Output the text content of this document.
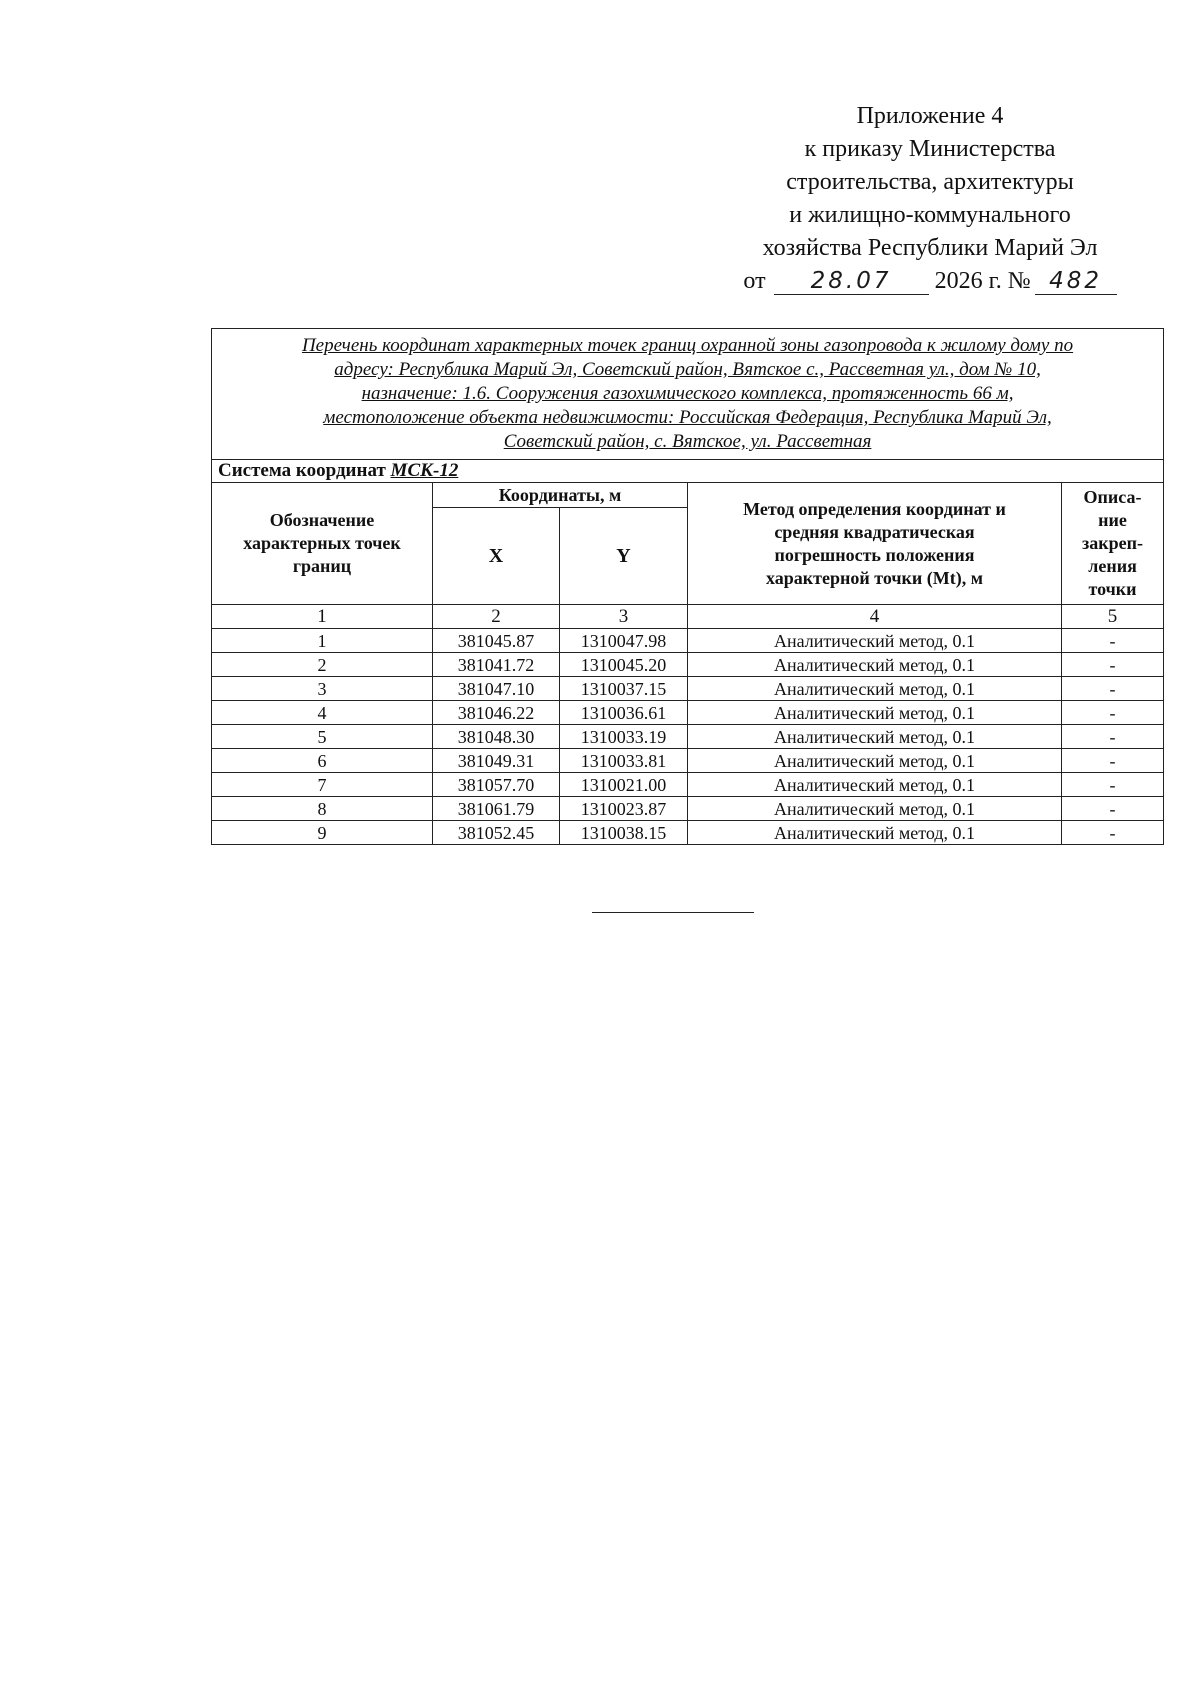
Приложение 4
к приказу Министерства
строительства, архитектуры
и жилищно-коммунального
хозяйства Республики Марий Эл
от 28.07 2026 г. № 482
Перечень координат характерных точек границ охранной зоны газопровода к жилому дому по
адресу: Республика Марий Эл, Советский район, Вятское с., Рассветная ул., дом № 10,
назначение: 1.6. Сооружения газохимического комплекса, протяженность 66 м,
местоположение объекта недвижимости: Российская Федерация, Республика Марий Эл,
Советский район, с. Вятское, ул. Рассветная				

Система координат МСК-12				

Обозначение
характерных точек
границ	Координаты, м		Метод определения координат и
средняя квадратическая
погрешность положения
характерной точки (Mt), м	Описа-
ние
закреп-
ления
точки

	X	Y		
1	2	3	4	5
1	381045.87	1310047.98	Аналитический метод, 0.1	-
2	381041.72	1310045.20	Аналитический метод, 0.1	-
3	381047.10	1310037.15	Аналитический метод, 0.1	-
4	381046.22	1310036.61	Аналитический метод, 0.1	-
5	381048.30	1310033.19	Аналитический метод, 0.1	-
6	381049.31	1310033.81	Аналитический метод, 0.1	-
7	381057.70	1310021.00	Аналитический метод, 0.1	-
8	381061.79	1310023.87	Аналитический метод, 0.1	-
9	381052.45	1310038.15	Аналитический метод, 0.1	-
